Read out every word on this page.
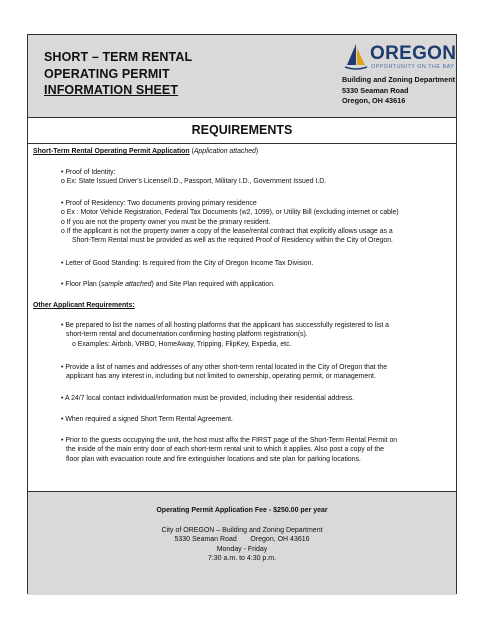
SHORT – TERM RENTAL
OPERATING PERMIT
INFORMATION SHEET
OREGON
OPPORTUNITY ON THE BAY
Building and Zoning Department
5330 Seaman Road
Oregon, OH 43616
REQUIREMENTS
Short-Term Rental Operating Permit Application (Application attached)
• Proof of Identity:
o Ex: State Issued Driver's License/I.D., Passport, Military I.D., Government Issued I.D.
• Proof of Residency: Two documents proving primary residence
o Ex : Motor Vehicle Registration, Federal Tax Documents (w2, 1099), or Utility Bill (excluding internet or cable)
o If you are not the property owner you must be the primary resident.
o If the applicant is not the property owner a copy of the lease/rental contract that explicitly allows usage as a
Short-Term Rental must be provided as well as the required Proof of Residency within the City of Oregon.
• Letter of Good Standing: Is required from the City of Oregon Income Tax Division.
• Floor Plan (sample attached) and Site Plan required with application.
Other Applicant Requirements:
• Be prepared to list the names of all hosting platforms that the applicant has successfully registered to list a
short-term rental and documentation confirming hosting platform registration(s).
o Examples: Airbnb, VRBO, HomeAway, Tripping, FlipKey, Expedia, etc.
• Provide a list of names and addresses of any other short-term rental located in the City of Oregon that the
applicant has any interest in, including but not limited to ownership, operating permit, or management.
• A 24/7 local contact individual/information must be provided, including their residential address.
• When required a signed Short Term Rental Agreement.
• Prior to the guests occupying the unit, the host must affix the FIRST page of the Short-Term Rental Permit on
the inside of the main entry door of each short-term rental unit to which it applies. Also post a copy of the
floor plan with evacuation route and fire extinguisher locations and site plan for parking locations.
Operating Permit Application Fee - $250.00 per year
City of OREGON – Building and Zoning Department
5330 Seaman Road       Oregon, OH 43616
Monday - Friday
7:30 a.m. to 4:30 p.m.
